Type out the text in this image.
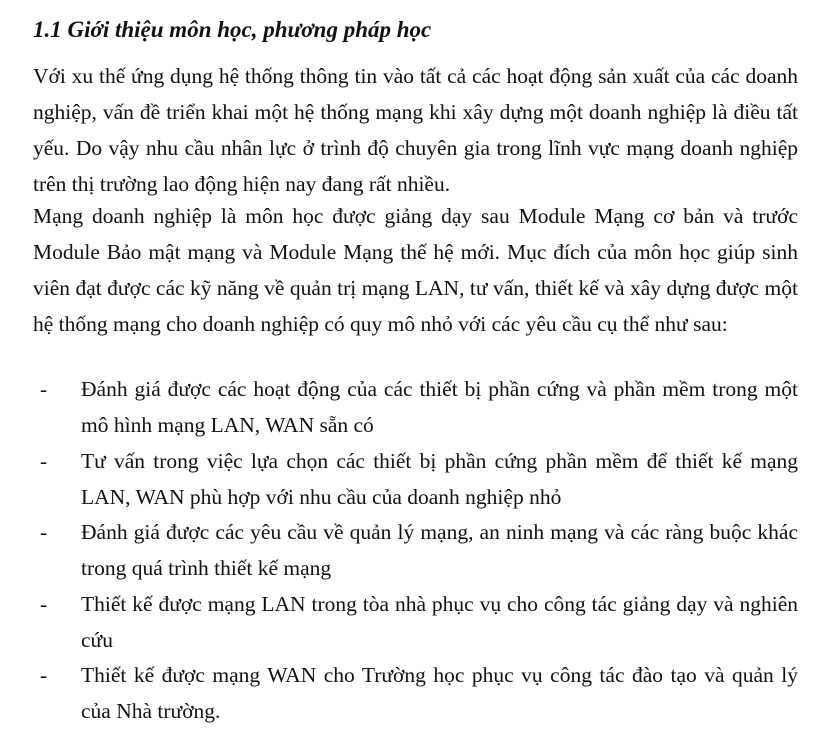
1.1 Giới thiệu môn học, phương pháp học

Với xu thế ứng dụng hệ thống thông tin vào tất cả các hoạt động sản xuất của các doanh nghiệp, vấn đề triển khai một hệ thống mạng khi xây dựng một doanh nghiệp là điều tất yếu. Do vậy nhu cầu nhân lực ở trình độ chuyên gia trong lĩnh vực mạng doanh nghiệp trên thị trường lao động hiện nay đang rất nhiều.

Mạng doanh nghiệp là môn học được giảng dạy sau Module Mạng cơ bản và trước Module Bảo mật mạng và Module Mạng thế hệ mới. Mục đích của môn học giúp sinh viên đạt được các kỹ năng về quản trị mạng LAN, tư vấn, thiết kế và xây dựng được một hệ thống mạng cho doanh nghiệp có quy mô nhỏ với các yêu cầu cụ thể như sau:

- Đánh giá được các hoạt động của các thiết bị phần cứng và phần mềm trong một mô hình mạng LAN, WAN sẵn có
- Tư vấn trong việc lựa chọn các thiết bị phần cứng phần mềm để thiết kế mạng LAN, WAN phù hợp với nhu cầu của doanh nghiệp nhỏ
- Đánh giá được các yêu cầu về quản lý mạng, an ninh mạng và các ràng buộc khác trong quá trình thiết kế mạng
- Thiết kế được mạng LAN trong tòa nhà phục vụ cho công tác giảng dạy và nghiên cứu
- Thiết kế được mạng WAN cho Trường học phục vụ công tác đào tạo và quản lý của Nhà trường.
